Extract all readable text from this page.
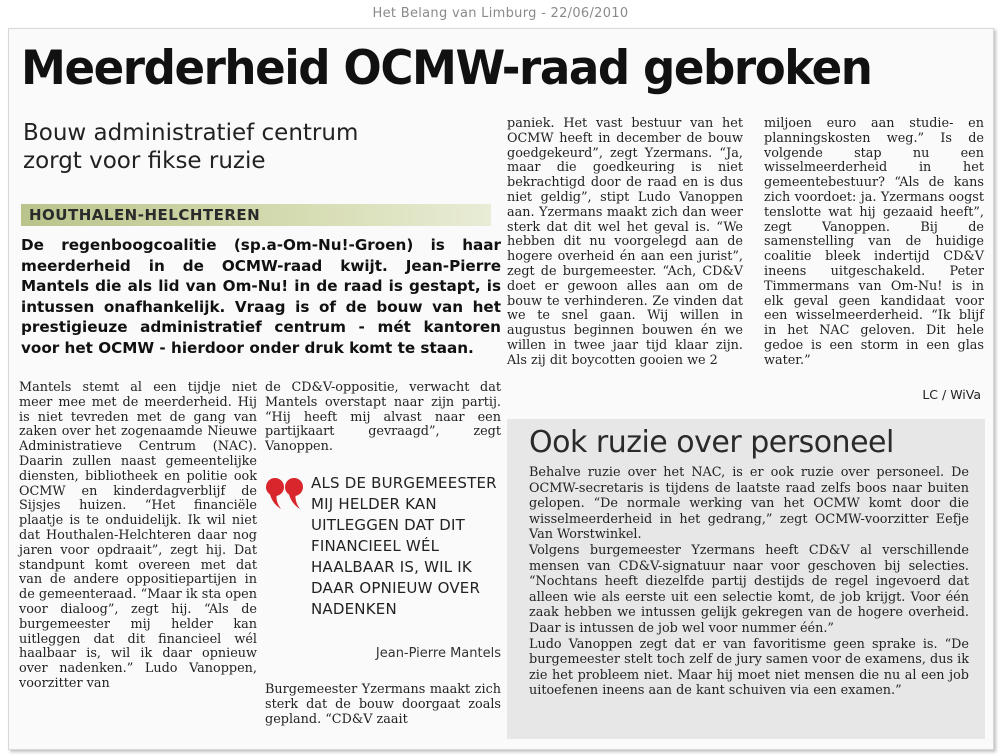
Het Belang van Limburg - 22/06/2010
Meerderheid OCMW-raad gebroken
Bouw administratief centrum
zorgt voor fikse ruzie
HOUTHALEN-HELCHTEREN
De regenboogcoalitie (sp.a-Om-Nu!-Groen) is haar meerderheid in de OCMW-raad kwijt. Jean-Pierre Mantels die als lid van Om-Nu! in de raad is gestapt, is intussen onafhankelijk. Vraag is of de bouw van het prestigieuze administratief centrum - mét kantoren voor het OCMW - hierdoor onder druk komt te staan.

Mantels stemt al een tijdje niet meer mee met de meerderheid. Hij is niet tevreden met de gang van zaken over het zogenaamde Nieuwe Administratieve Centrum (NAC). Daarin zullen naast gemeentelijke diensten, bibliotheek en politie ook OCMW en kinderdagverblijf de Sijsjes huizen. “Het financiële plaatje is te onduidelijk. Ik wil niet dat Houthalen-Helchteren daar nog jaren voor opdraait”, zegt hij. Dat standpunt komt overeen met dat van de andere oppositiepartijen in de gemeenteraad. “Maar ik sta open voor dialoog”, zegt hij. “Als de burgemeester mij helder kan uitleggen dat dit financieel wél haalbaar is, wil ik daar opnieuw over nadenken.” Ludo Vanoppen, voorzitter van

de CD&V-oppositie, verwacht dat Mantels overstapt naar zijn partij. “Hij heeft mij alvast naar een partijkaart gevraagd”, zegt Vanoppen.

ALS DE BURGEMEESTER MIJ HELDER KAN UITLEGGEN DAT DIT FINANCIEEL WÉL HAALBAAR IS, WIL IK DAAR OPNIEUW OVER NADENKEN
Jean-Pierre Mantels

Burgemeester Yzermans maakt zich sterk dat de bouw doorgaat zoals gepland. “CD&V zaait

paniek. Het vast bestuur van het OCMW heeft in december de bouw goedgekeurd”, zegt Yzermans. “Ja, maar die goedkeuring is niet bekrachtigd door de raad en is dus niet geldig”, stipt Ludo Vanoppen aan. Yzermans maakt zich dan weer sterk dat dit wel het geval is. “We hebben dit nu voorgelegd aan de hogere overheid én aan een jurist”, zegt de burgemeester. “Ach, CD&V doet er gewoon alles aan om de bouw te verhinderen. Ze vinden dat we te snel gaan. Wij willen in augustus beginnen bouwen én we willen in twee jaar tijd klaar zijn. Als zij dit boycotten gooien we 2

miljoen euro aan studie- en planningskosten weg.” Is de volgende stap nu een wisselmeerderheid in het gemeentebestuur? “Als de kans zich voordoet: ja. Yzermans oogst tenslotte wat hij gezaaid heeft”, zegt Vanoppen. Bij de samenstelling van de huidige coalitie bleek indertijd CD&V ineens uitgeschakeld. Peter Timmermans van Om-Nu! is in elk geval geen kandidaat voor een wisselmeerderheid. “Ik blijf in het NAC geloven. Dit hele gedoe is een storm in een glas water.”

LC / WiVa
Ook ruzie over personeel

Behalve ruzie over het NAC, is er ook ruzie over personeel. De OCMW-secretaris is tijdens de laatste raad zelfs boos naar buiten gelopen. “De normale werking van het OCMW komt door die wisselmeerderheid in het gedrang,” zegt OCMW-voorzitter Eefje Van Worstwinkel.

Volgens burgemeester Yzermans heeft CD&V al verschillende mensen van CD&V-signatuur naar voor geschoven bij selecties. “Nochtans heeft diezelfde partij destijds de regel ingevoerd dat alleen wie als eerste uit een selectie komt, de job krijgt. Voor één zaak hebben we intussen gelijk gekregen van de hogere overheid. Daar is intussen de job wel voor nummer één.”

Ludo Vanoppen zegt dat er van favoritisme geen sprake is. “De burgemeester stelt toch zelf de jury samen voor de examens, dus ik zie het probleem niet. Maar hij moet niet mensen die nu al een job uitoefenen ineens aan de kant schuiven via een examen.”
